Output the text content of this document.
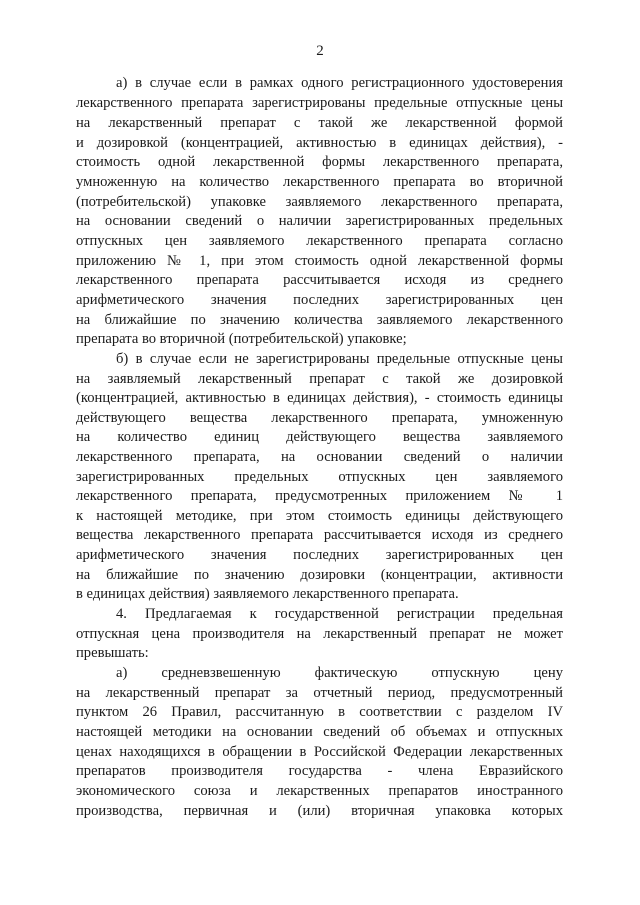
2
а) в случае если в рамках одного регистрационного удостоверения
лекарственного препарата зарегистрированы предельные отпускные цены
на лекарственный препарат с такой же лекарственной формой
и дозировкой (концентрацией, активностью в единицах действия), -
стоимость одной лекарственной формы лекарственного препарата,
умноженную на количество лекарственного препарата во вторичной
(потребительской) упаковке заявляемого лекарственного препарата,
на основании сведений о наличии зарегистрированных предельных
отпускных цен заявляемого лекарственного препарата согласно
приложению № 1, при этом стоимость одной лекарственной формы
лекарственного препарата рассчитывается исходя из среднего
арифметического значения последних зарегистрированных цен
на ближайшие по значению количества заявляемого лекарственного
препарата во вторичной (потребительской) упаковке;
б) в случае если не зарегистрированы предельные отпускные цены
на заявляемый лекарственный препарат с такой же дозировкой
(концентрацией, активностью в единицах действия), - стоимость единицы
действующего вещества лекарственного препарата, умноженную
на количество единиц действующего вещества заявляемого
лекарственного препарата, на основании сведений о наличии
зарегистрированных предельных отпускных цен заявляемого
лекарственного препарата, предусмотренных приложением № 1
к настоящей методике, при этом стоимость единицы действующего
вещества лекарственного препарата рассчитывается исходя из среднего
арифметического значения последних зарегистрированных цен
на ближайшие по значению дозировки (концентрации, активности
в единицах действия) заявляемого лекарственного препарата.
4. Предлагаемая к государственной регистрации предельная
отпускная цена производителя на лекарственный препарат не может
превышать:
а) средневзвешенную фактическую отпускную цену
на лекарственный препарат за отчетный период, предусмотренный
пунктом 26 Правил, рассчитанную в соответствии с разделом IV
настоящей методики на основании сведений об объемах и отпускных
ценах находящихся в обращении в Российской Федерации лекарственных
препаратов производителя государства - члена Евразийского
экономического союза и лекарственных препаратов иностранного
производства, первичная и (или) вторичная упаковка которых
